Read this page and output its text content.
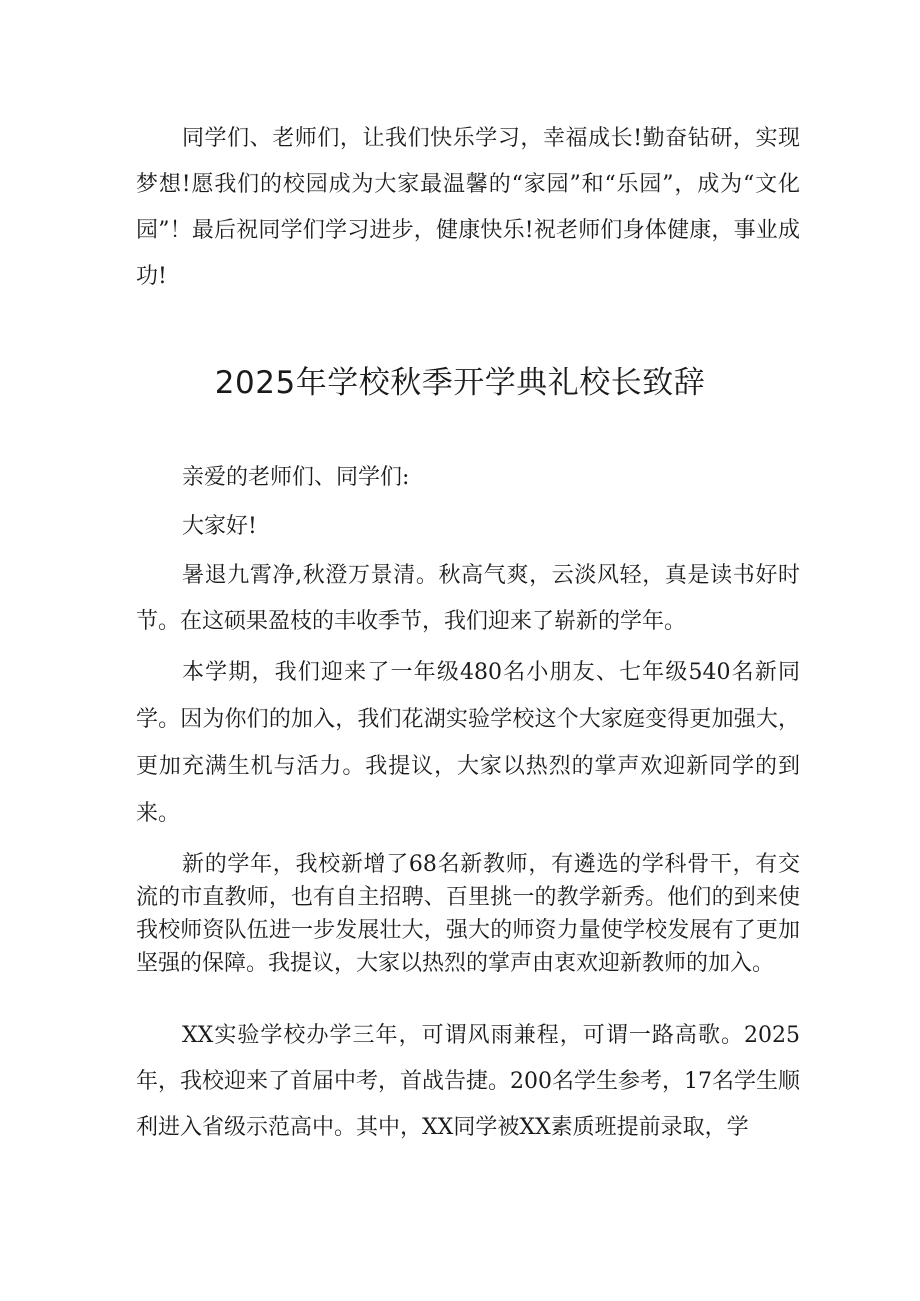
同学们、老师们，让我们快乐学习，幸福成长!勤奋钻研，实现梦想!愿我们的校园成为大家最温馨的“家园”和“乐园”，成为“文化园”！最后祝同学们学习进步，健康快乐!祝老师们身体健康，事业成功!

2025年学校秋季开学典礼校长致辞

亲爱的老师们、同学们:

大家好!

暑退九霄净,秋澄万景清。秋高气爽，云淡风轻，真是读书好时节。在这硕果盈枝的丰收季节，我们迎来了崭新的学年。

本学期，我们迎来了一年级480名小朋友、七年级540名新同学。因为你们的加入，我们花湖实验学校这个大家庭变得更加强大，更加充满生机与活力。我提议，大家以热烈的掌声欢迎新同学的到来。

新的学年，我校新增了68名新教师，有遴选的学科骨干，有交流的市直教师，也有自主招聘、百里挑一的教学新秀。他们的到来使我校师资队伍进一步发展壮大，强大的师资力量使学校发展有了更加坚强的保障。我提议，大家以热烈的掌声由衷欢迎新教师的加入。

XX实验学校办学三年，可谓风雨兼程，可谓一路高歌。2025年，我校迎来了首届中考，首战告捷。200名学生参考，17名学生顺利进入省级示范高中。其中，XX同学被XX素质班提前录取，学
